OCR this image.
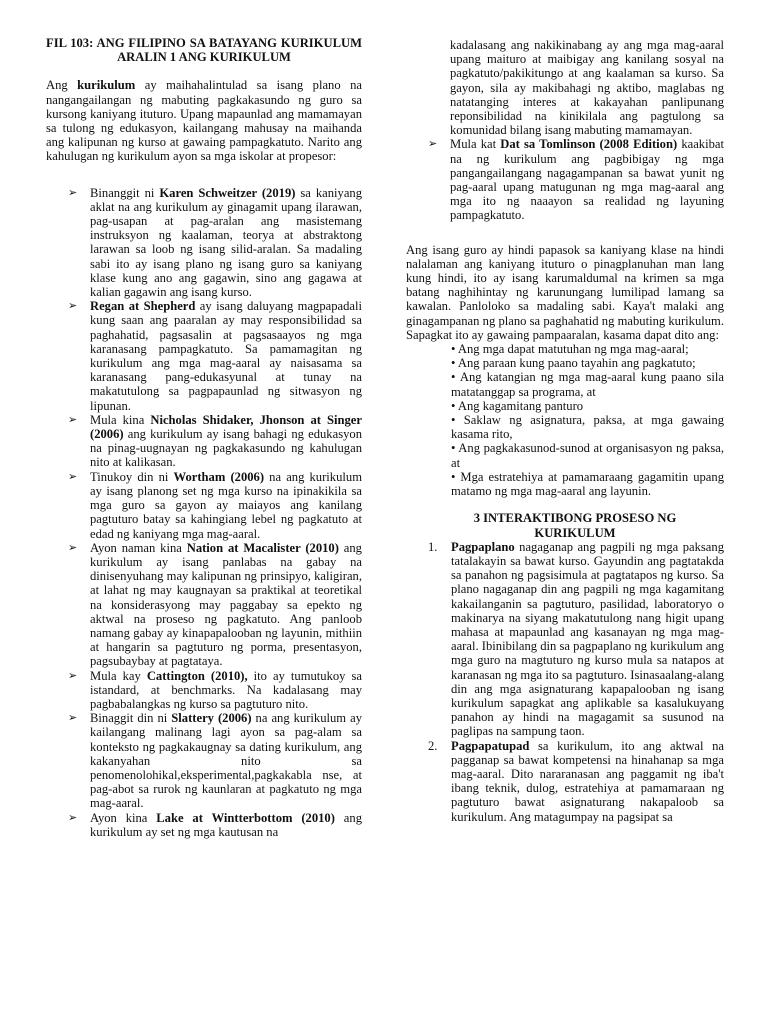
FIL 103: ANG FILIPINO SA BATAYANG KURIKULUM
ARALIN 1 ANG KURIKULUM

Ang kurikulum ay maihahalintulad sa isang plano na nangangailangan ng mabuting pagkakasundo ng guro sa kursong kaniyang ituturo. Upang mapaunlad ang mamamayan sa tulong ng edukasyon, kailangang mahusay na maihanda ang kalipunan ng kurso at gawaing pampagkatuto. Narito ang kahulugan ng kurikulum ayon sa mga iskolar at propesor:

➢ Binanggit ni Karen Schweitzer (2019) sa kaniyang aklat na ang kurikulum ay ginagamit upang ilarawan, pag-usapan at pag-aralan ang masistemang instruksyon ng kaalaman, teorya at abstraktong larawan sa loob ng isang silid-aralan. Sa madaling sabi ito ay isang plano ng isang guro sa kaniyang klase kung ano ang gagawin, sino ang gagawa at kalian gagawin ang isang kurso.
➢ Regan at Shepherd ay isang daluyang magpapadali kung saan ang paaralan ay may responsibilidad sa paghahatid, pagsasalin at pagsasaayos ng mga karanasang pampagkatuto. Sa pamamagitan ng kurikulum ang mga mag-aaral ay naisasama sa karanasang pang-edukasyunal at tunay na makatutulong sa pagpapaunlad ng sitwasyon ng lipunan.
➢ Mula kina Nicholas Shidaker, Jhonson at Singer (2006) ang kurikulum ay isang bahagi ng edukasyon na pinag-uugnayan ng pagkakasundo ng kahulugan nito at kalikasan.
➢ Tinukoy din ni Wortham (2006) na ang kurikulum ay isang planong set ng mga kurso na ipinakikila sa mga guro sa gayon ay maiayos ang kanilang pagtuturo batay sa kahingiang lebel ng pagkatuto at edad ng kaniyang mga mag-aaral.
➢ Ayon naman kina Nation at Macalister (2010) ang kurikulum ay isang panlabas na gabay na dinisenyuhang may kalipunan ng prinsipyo, kaligiran, at lahat ng may kaugnayan sa praktikal at teoretikal na konsiderasyong may paggabay sa epekto ng aktwal na proseso ng pagkatuto. Ang panloob namang gabay ay kinapapalooban ng layunin, mithiin at hangarin sa pagtuturo ng porma, presentasyon, pagsubaybay at pagtataya.
➢ Mula kay Cattington (2010), ito ay tumutukoy sa istandard, at benchmarks. Na kadalasang may pagbabalangkas ng kurso sa pagtuturo nito.
➢ Binaggit din ni Slattery (2006) na ang kurikulum ay kailangang malinang lagi ayon sa pag-alam sa konteksto ng pagkakaugnay sa dating kurikulum, ang kakanyahan nito sa penomenolohikal,eksperimental,pagkakabla nse, at pag-abot sa rurok ng kaunlaran at pagkatuto ng mga mag-aaral.
➢ Ayon kina Lake at Wintterbottom (2010) ang kurikulum ay set ng mga kautusan na
kadalasang ang nakikinabang ay ang mga mag-aaral upang maituro at maibigay ang kanilang sosyal na pagkatuto/pakikitungo at ang kaalaman sa kurso. Sa gayon, sila ay makibahagi ng aktibo, maglabas ng natatanging interes at kakayahan panlipunang reponsibilidad na kinikilala ang pagtulong sa komunidad bilang isang mabuting mamamayan.
➢ Mula kat Dat sa Tomlinson (2008 Edition) kaakibat na ng kurikulum ang pagbibigay ng mga pangangailangang nagagampanan sa bawat yunit ng pag-aaral upang matugunan ng mga mag-aaral ang mga ito ng naaayon sa realidad ng layuning pampagkatuto.

Ang isang guro ay hindi papasok sa kaniyang klase na hindi nalalaman ang kaniyang ituturo o pinagplanuhan man lang kung hindi, ito ay isang karumaldumal na krimen sa mga batang naghihintay ng karunungang lumilipad lamang sa kawalan. Panloloko sa madaling sabi. Kaya't malaki ang ginagampanan ng plano sa paghahatid ng mabuting kurikulum. Sapagkat ito ay gawaing pampaaralan, kasama dapat dito ang:

• Ang mga dapat matutuhan ng mga mag-aaral;
• Ang paraan kung paano tayahin ang pagkatuto;
• Ang katangian ng mga mag-aaral kung paano sila matatanggap sa programa, at
• Ang kagamitang panturo
• Saklaw ng asignatura, paksa, at mga gawaing kasama rito,
• Ang pagkakasunod-sunod at organisasyon ng paksa, at
• Mga estratehiya at pamamaraang gagamitin upang matamo ng mga mag-aaral ang layunin.
3 INTERAKTIBONG PROSESO NG KURIKULUM
1. Pagpaplano nagaganap ang pagpili ng mga paksang tatalakayin sa bawat kurso. Gayundin ang pagtatakda sa panahon ng pagsisimula at pagtatapos ng kurso. Sa plano nagaganap din ang pagpili ng mga kagamitang kakailanganin sa pagtuturo, pasilidad, laboratoryo o makinarya na siyang makatutulong nang higit upang mahasa at mapaunlad ang kasanayan ng mga mag-aaral. Ibinibilang din sa pagpaplano ng kurikulum ang mga guro na magtuturo ng kurso mula sa natapos at karanasan ng mga ito sa pagtuturo. Isinasaalang-alang din ang mga asignaturang kapapalooban ng isang kurikulum sapagkat ang aplikable sa kasalukuyang panahon ay hindi na magagamit sa susunod na paglipas na sampung taon.
2. Pagpapatupad sa kurikulum, ito ang aktwal na pagganap sa bawat kompetensi na hinahanap sa mga mag-aaral. Dito nararanasan ang paggamit ng iba't ibang teknik, dulog, estratehiya at pamamaraan ng pagtuturo bawat asignaturang nakapaloob sa kurikulum. Ang matagumpay na pagsipat sa
